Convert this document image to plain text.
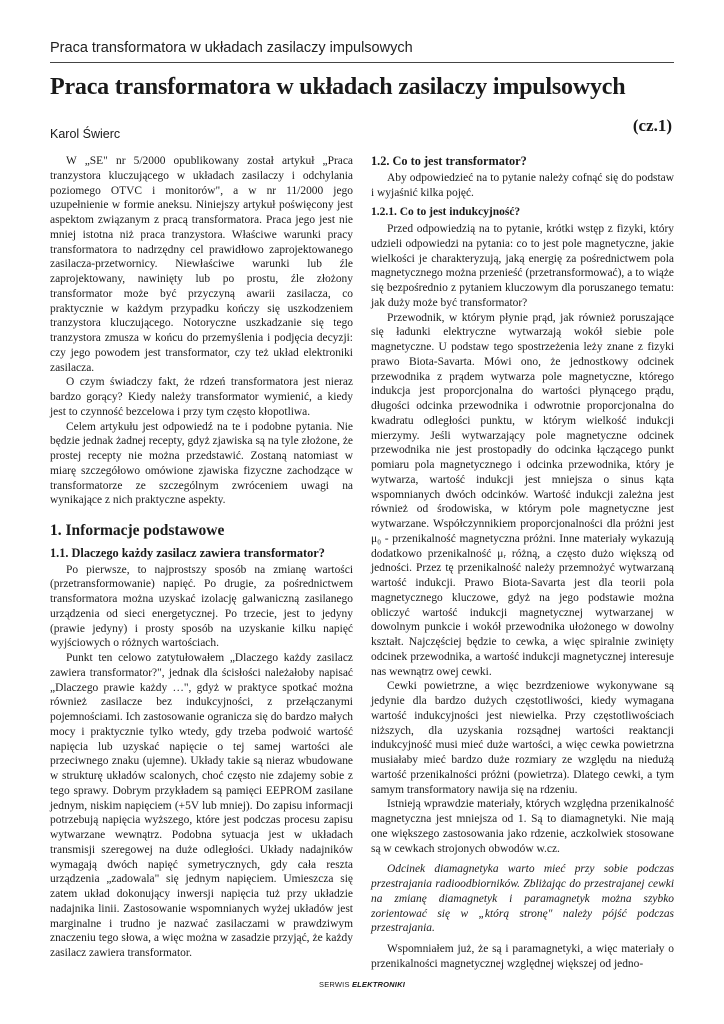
Praca transformatora w układach zasilaczy impulsowych
Praca transformatora w układach zasilaczy impulsowych
(cz.1)
Karol Świerc

W „SE" nr 5/2000 opublikowany został artykuł „Praca tranzystora kluczującego w układach zasilaczy i odchylania poziomego OTVC i monitorów", a w nr 11/2000 jego uzupełnienie w formie aneksu. Niniejszy artykuł poświęcony jest aspektom związanym z pracą transformatora. Praca jego jest nie mniej istotna niż praca tranzystora. Właściwe warunki pracy transformatora to nadrzędny cel prawidłowo zaprojektowanego zasilacza-przetwornicy. Niewłaściwe warunki lub źle zaprojektowany, nawinięty lub po prostu, źle złożony transformator może być przyczyną awarii zasilacza, co praktycznie w każdym przypadku kończy się uszkodzeniem tranzystora kluczującego. Notoryczne uszkadzanie się tego tranzystora zmusza w końcu do przemyślenia i podjęcia decyzji: czy jego powodem jest transformator, czy też układ elektroniki zasilacza.

O czym świadczy fakt, że rdzeń transformatora jest nieraz bardzo gorący? Kiedy należy transformator wymienić, a kiedy jest to czynność bezcelowa i przy tym często kłopotliwa.

Celem artykułu jest odpowiedź na te i podobne pytania. Nie będzie jednak żadnej recepty, gdyż zjawiska są na tyle złożone, że prostej recepty nie można przedstawić. Zostaną natomiast w miarę szczegółowo omówione zjawiska fizyczne zachodzące w transformatorze ze szczególnym zwróceniem uwagi na wynikające z nich praktyczne aspekty.

1. Informacje podstawowe
1.1. Dlaczego każdy zasilacz zawiera transformator?

Po pierwsze, to najprostszy sposób na zmianę wartości (przetransformowanie) napięć. Po drugie, za pośrednictwem transformatora można uzyskać izolację galwaniczną zasilanego urządzenia od sieci energetycznej. Po trzecie, jest to jedyny (prawie jedyny) i prosty sposób na uzyskanie kilku napięć wyjściowych o różnych wartościach.

Punkt ten celowo zatytułowałem „Dlaczego każdy zasilacz zawiera transformator?", jednak dla ścisłości należałoby napisać „Dlaczego prawie każdy …", gdyż w praktyce spotkać można również zasilacze bez indukcyjności, z przełączanymi pojemnościami. Ich zastosowanie ogranicza się do bardzo małych mocy i praktycznie tylko wtedy, gdy trzeba podwoić wartość napięcia lub uzyskać napięcie o tej samej wartości ale przeciwnego znaku (ujemne). Układy takie są nieraz wbudowane w strukturę układów scalonych, choć często nie zdajemy sobie z tego sprawy. Dobrym przykładem są pamięci EEPROM zasilane jednym, niskim napięciem (+5V lub mniej). Do zapisu informacji potrzebują napięcia wyższego, które jest podczas procesu zapisu wytwarzane wewnątrz. Podobna sytuacja jest w układach transmisji szeregowej na duże odległości. Układy nadajników wymagają dwóch napięć symetrycznych, gdy cała reszta urządzenia „zadowala" się jednym napięciem. Umieszcza się zatem układ dokonujący inwersji napięcia tuż przy układzie nadajnika linii. Zastosowanie wspomnianych wyżej układów jest marginalne i trudno je nazwać zasilaczami w prawdziwym znaczeniu tego słowa, a więc można w zasadzie przyjąć, że każdy zasilacz zawiera transformator.

1.2. Co to jest transformator?

Aby odpowiedzieć na to pytanie należy cofnąć się do podstaw i wyjaśnić kilka pojęć.

1.2.1. Co to jest indukcyjność?

Przed odpowiedzią na to pytanie, krótki wstęp z fizyki, który udzieli odpowiedzi na pytania: co to jest pole magnetyczne, jakie wielkości je charakteryzują, jaką energię za pośrednictwem pola magnetycznego można przenieść (przetransformować), a to wiąże się bezpośrednio z pytaniem kluczowym dla poruszanego tematu: jak duży może być transformator?

Przewodnik, w którym płynie prąd, jak również poruszające się ładunki elektryczne wytwarzają wokół siebie pole magnetyczne. U podstaw tego spostrzeżenia leży znane z fizyki prawo Biota-Savarta. Mówi ono, że jednostkowy odcinek przewodnika z prądem wytwarza pole magnetyczne, którego indukcja jest proporcjonalna do wartości płynącego prądu, długości odcinka przewodnika i odwrotnie proporcjonalna do kwadratu odległości punktu, w którym wielkość indukcji mierzymy. Jeśli wytwarzający pole magnetyczne odcinek przewodnika nie jest prostopadły do odcinka łączącego punkt pomiaru pola magnetycznego i odcinka przewodnika, który je wytwarza, wartość indukcji jest mniejsza o sinus kąta wspomnianych dwóch odcinków. Wartość indukcji zależna jest również od środowiska, w którym pole magnetyczne jest wytwarzane. Współczynnikiem proporcjonalności dla próżni jest μ₀ - przenikalność magnetyczna próżni. Inne materiały wykazują dodatkowo przenikalność μᵣ różną, a często dużo większą od jedności. Przez tę przenikalność należy przemnożyć wytwarzaną wartość indukcji. Prawo Biota-Savarta jest dla teorii pola magnetycznego kluczowe, gdyż na jego podstawie można obliczyć wartość indukcji magnetycznej wytwarzanej w dowolnym punkcie i wokół przewodnika ułożonego w dowolny kształt. Najczęściej będzie to cewka, a więc spiralnie zwinięty odcinek przewodnika, a wartość indukcji magnetycznej interesuje nas wewnątrz owej cewki.

Cewki powietrzne, a więc bezrdzeniowe wykonywane są jedynie dla bardzo dużych częstotliwości, kiedy wymagana wartość indukcyjności jest niewielka. Przy częstotliwościach niższych, dla uzyskania rozsądnej wartości reaktancji indukcyjność musi mieć duże wartości, a więc cewka powietrzna musiałaby mieć bardzo duże rozmiary ze względu na niedużą wartość przenikalności próżni (powietrza). Dlatego cewki, a tym samym transformatory nawija się na rdzeniu.

Istnieją wprawdzie materiały, których względna przenikalność magnetyczna jest mniejsza od 1. Są to diamagnetyki. Nie mają one większego zastosowania jako rdzenie, aczkolwiek stosowane są w cewkach strojonych obwodów w.cz.

Odcinek diamagnetyka warto mieć przy sobie podczas przestrajania radioodbiorników. Zbliżając do przestrajanej cewki na zmianę diamagnetyk i paramagnetyk można szybko zorientować się w „którą stronę" należy pójść podczas przestrajania.

Wspomniałem już, że są i paramagnetyki, a więc materiały o przenikalności magnetycznej względnej większej od jedno-

SERWIS ELEKTRONIKI
